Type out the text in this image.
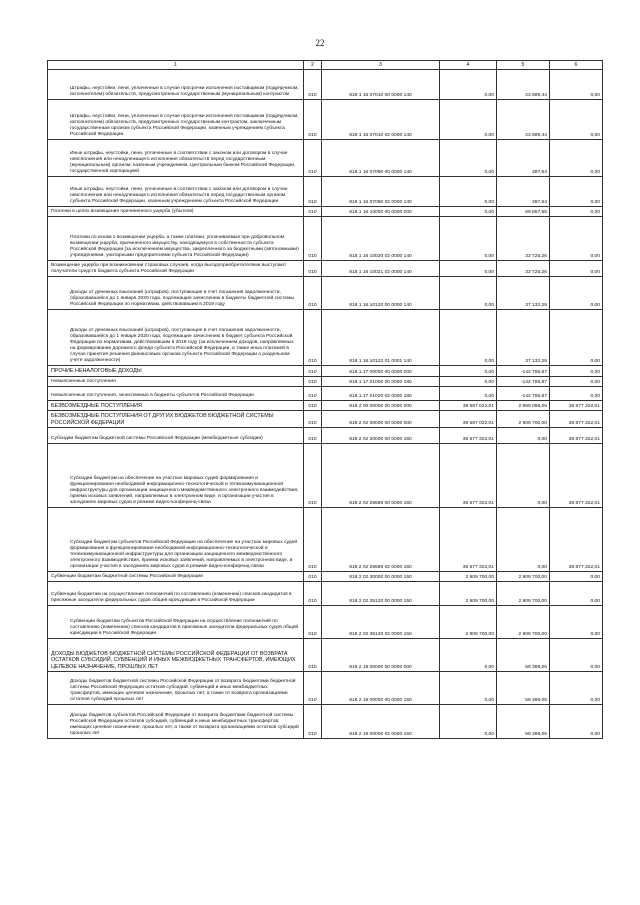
22
1	2	3	4	5	6
Штрафы, неустойки, пени, уплаченные в случае просрочки исполнения поставщиком (подрядчиком, исполнителем) обязательств, предусмотренных государственным (муниципальным) контрактом	010	818 1 16 07010 00 0000 140	0,00	23 699,44	0,00
Штрафы, неустойки, пени, уплаченные в случае просрочки исполнения поставщиком (подрядчиком, исполнителем) обязательств, предусмотренных государственным контрактом, заключенным государственным органом субъекта Российской Федерации, казенным учреждением субъекта Российской Федерации	010	818 1 16 07010 02 0000 140	0,00	23 699,44	0,00
Иные штрафы, неустойки, пени, уплаченные в соответствии с законом или договором в случае неисполнения или ненадлежащего исполнения обязательств перед государственным (муниципальным) органом, казенным учреждением, Центральным банком Российской Федерации, государственной корпорацией	010	818 1 16 07090 00 0000 140	0,00	397,64	0,00
Иные штрафы, неустойки, пени, уплаченные в соответствии с законом или договором в случае неисполнения или ненадлежащего исполнения обязательств перед государственным органом субъекта Российской Федерации, казенным учреждением субъекта Российской Федерации	010	818 1 16 07090 02 0000 140	0,00	397,64	0,00
Платежи в целях возмещения причиненного ущерба (убытков)	010	818 1 16 10000 00 0000 000	0,00	69 857,55	0,00
Платежи по искам о возмещении ущерба, а также платежи, уплачиваемые при добровольном возмещении ущерба, причиненного имуществу, находящемуся в собственности субъекта Российской Федерации (за исключением имущества, закрепленного за бюджетными (автономными) учреждениями, унитарными предприятиями субъекта Российской Федерации)	010	818 1 16 10020 02 0000 140	0,00	32 725,26	0,00
Возмещение ущерба при возникновении страховых случаев, когда выгодоприобретателями выступают получатели средств бюджета субъекта Российской Федерации	010	818 1 16 10021 02 0000 140	0,00	32 725,26	0,00
Доходы от денежных взысканий (штрафов), поступающие в счет погашения задолженности, образовавшейся до 1 января 2020 года, подлежащие зачислению в бюджеты бюджетной системы Российской Федерации по нормативам, действовавшим в 2019 году	010	818 1 16 10120 00 0000 140	0,00	37 132,29	0,00
Доходы от денежных взысканий (штрафов), поступающие в счет погашения задолженности, образовавшейся до 1 января 2020 года, подлежащие зачислению в бюджет субъекта Российской Федерации по нормативам, действовавшим в 2019 году (за исключением доходов, направляемых на формирование дорожного фонда субъекта Российской Федерации, а также иных платежей в случае принятия решения финансовым органом субъекта Российской Федерации о раздельном учете задолженности)	010	818 1 16 10122 01 0001 140	0,00	37 132,29	0,00
ПРОЧИЕ НЕНАЛОГОВЫЕ ДОХОДЫ	010	818 1 17 00000 00 0000 000	0,00	-142 795,87	0,00
Невыясненные поступления	010	818 1 17 01000 00 0000 180	0,00	-142 795,87	0,00
Невыясненные поступления, зачисляемые в бюджеты субъектов Российской Федерации	010	818 1 17 01020 02 0000 180	0,00	-142 795,87	0,00
БЕЗВОЗМЕЗДНЫЕ ПОСТУПЛЕНИЯ	010	818 2 00 00000 00 0000 000	39 587 022,01	2 969 098,05	36 677 322,01
БЕЗВОЗМЕЗДНЫЕ ПОСТУПЛЕНИЯ ОТ ДРУГИХ БЮДЖЕТОВ БЮДЖЕТНОЙ СИСТЕМЫ РОССИЙСКОЙ ФЕДЕРАЦИИ	010	818 2 02 00000 00 0000 000	39 587 022,01	2 909 700,00	36 677 322,01
Субсидии бюджетам бюджетной системы Российской Федерации (межбюджетные субсидии)	010	818 2 02 20000 00 0000 150	36 677 322,01	0,00	36 677 322,01
Субсидии бюджетам на обеспечение на участках мировых судей формирования и функционирования необходимой информационно-технологической и телекоммуникационной инфраструктуры для организации защищенного межведомственного электронного взаимодействия, приема исковых заявлений, направляемых в электронном виде, и организации участия в заседаниях мировых судов в режиме видео-конференц-связи	010	818 2 02 25589 00 0000 150	36 677 322,01	0,00	36 677 322,01
Субсидии бюджетам субъектов Российской Федерации на обеспечение на участках мировых судей формирования и функционирования необходимой информационно-технологической и телекоммуникационной инфраструктуры для организации защищенного межведомственного электронного взаимодействия, приема исковых заявлений, направляемых в электронном виде, и организации участия в заседаниях мировых судов в режиме видео-конференц-связи	010	818 2 02 25589 02 0000 150	36 677 322,01	0,00	36 677 322,01
Субвенции бюджетам бюджетной системы Российской Федерации	010	818 2 02 30000 00 0000 150	2 909 700,00	2 909 700,00	0,00
Субвенции бюджетам на осуществление полномочий по составлению (изменению) списков кандидатов в присяжные заседатели федеральных судов общей юрисдикции в Российской Федерации	010	818 2 02 35120 00 0000 150	2 909 700,00	2 909 700,00	0,00
Субвенции бюджетам субъектов Российской Федерации на осуществление полномочий по составлению (изменению) списков кандидатов в присяжные заседатели федеральных судов общей юрисдикции в Российской Федерации	010	818 2 02 35120 02 0000 150	2 909 700,00	2 909 700,00	0,00
ДОХОДЫ БЮДЖЕТОВ БЮДЖЕТНОЙ СИСТЕМЫ РОССИЙСКОЙ ФЕДЕРАЦИИ ОТ ВОЗВРАТА ОСТАТКОВ СУБСИДИЙ, СУБВЕНЦИЙ И ИНЫХ МЕЖБЮДЖЕТНЫХ ТРАНСФЕРТОВ, ИМЕЮЩИХ ЦЕЛЕВОЕ НАЗНАЧЕНИЕ, ПРОШЛЫХ ЛЕТ	010	818 2 18 00000 00 0000 000	0,00	59 398,05	0,00
Доходы бюджетов бюджетной системы Российской Федерации от возврата бюджетами бюджетной системы Российской Федерации остатков субсидий, субвенций и иных межбюджетных трансфертов, имеющих целевое назначение, прошлых лет, а также от возврата организациями остатков субсидий прошлых лет	010	818 2 18 00000 00 0000 150	0,00	59 398,05	0,00
Доходы бюджетов субъектов Российской Федерации от возврата бюджетами бюджетной системы Российской Федерации остатков субсидий, субвенций и иных межбюджетных трансфертов, имеющих целевое назначение, прошлых лет, а также от возврата организациями остатков субсидий прошлых лет	010	818 2 18 00000 02 0000 150	0,00	59 398,05	0,00
